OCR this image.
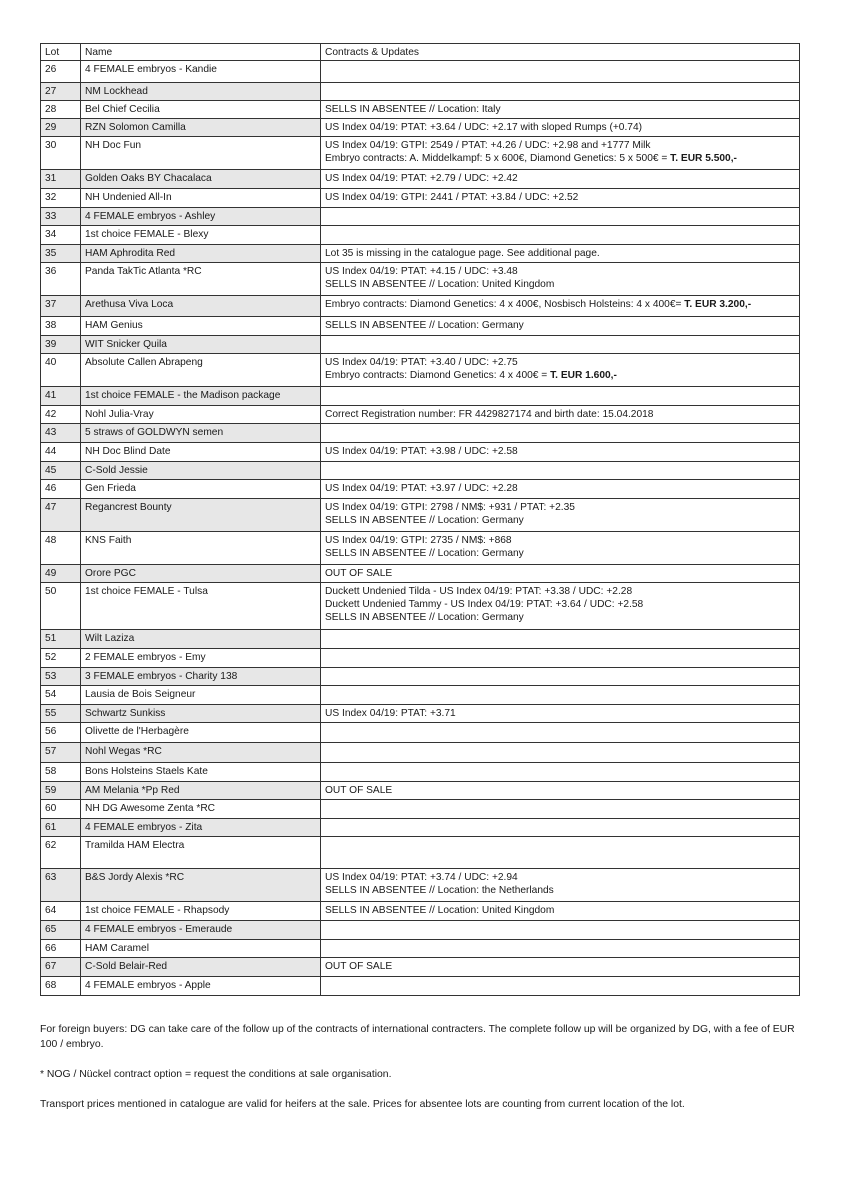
Lot	Name	Contracts & Updates
26	4 FEMALE embryos - Kandie	
27	NM Lockhead	
28	Bel Chief Cecilia	SELLS IN ABSENTEE // Location: Italy

29	RZN Solomon Camilla	US Index 04/19: PTAT: +3.64 / UDC: +2.17 with sloped Rumps (+0.74)

30	NH Doc Fun	US Index 04/19: GTPI: 2549 / PTAT: +4.26 / UDC: +2.98 and +1777 Milk
Embryo contracts: A. Middelkampf: 5 x 600€, Diamond Genetics: 5 x 500€ = T. EUR 5.500,-

31	Golden Oaks BY Chacalaca	US Index 04/19: PTAT: +2.79 / UDC: +2.42

32	NH Undenied All-In	US Index 04/19: GTPI: 2441 / PTAT: +3.84 / UDC: +2.52

33	4 FEMALE embryos - Ashley	
34	1st choice FEMALE - Blexy	
35	HAM Aphrodita Red	Lot 35 is missing in the catalogue page. See additional page.

36	Panda TakTic Atlanta *RC	US Index 04/19: PTAT: +4.15 / UDC: +3.48
SELLS IN ABSENTEE // Location: United Kingdom

37	Arethusa Viva Loca	Embryo contracts: Diamond Genetics: 4 x 400€, Nosbisch Holsteins: 4 x 400€= T. EUR 3.200,-

38	HAM Genius	SELLS IN ABSENTEE // Location: Germany

39	WIT Snicker Quila	
40	Absolute Callen Abrapeng	US Index 04/19: PTAT: +3.40 / UDC: +2.75
Embryo contracts: Diamond Genetics: 4 x 400€ = T. EUR 1.600,-

41	1st choice FEMALE - the Madison package	
42	Nohl Julia-Vray	Correct Registration number: FR 4429827174 and birth date: 15.04.2018

43	5 straws of GOLDWYN semen	
44	NH Doc Blind Date	US Index 04/19: PTAT: +3.98 / UDC: +2.58

45	C-Sold Jessie	
46	Gen Frieda	US Index 04/19: PTAT: +3.97 / UDC: +2.28

47	Regancrest Bounty	US Index 04/19: GTPI: 2798 / NM$: +931 / PTAT: +2.35
SELLS IN ABSENTEE // Location: Germany

48	KNS Faith	US Index 04/19: GTPI: 2735 / NM$: +868
SELLS IN ABSENTEE // Location: Germany

49	Orore PGC	OUT OF SALE

50	1st choice FEMALE - Tulsa	Duckett Undenied Tilda - US Index 04/19: PTAT: +3.38 / UDC: +2.28
Duckett Undenied Tammy - US Index 04/19: PTAT: +3.64 / UDC: +2.58
SELLS IN ABSENTEE // Location: Germany

51	Wilt Laziza	
52	2 FEMALE embryos - Emy	
53	3 FEMALE embryos - Charity 138	
54	Lausia de Bois Seigneur	
55	Schwartz Sunkiss	US Index 04/19: PTAT: +3.71

56	Olivette de l'Herbagère	
57	Nohl Wegas *RC	
58	Bons Holsteins Staels Kate	
59	AM Melania *Pp Red	OUT OF SALE

60	NH DG Awesome Zenta *RC	
61	4 FEMALE embryos - Zita	
62	Tramilda HAM Electra	
63	B&S Jordy Alexis *RC	US Index 04/19: PTAT: +3.74 / UDC: +2.94
SELLS IN ABSENTEE // Location: the Netherlands

64	1st choice FEMALE - Rhapsody	SELLS IN ABSENTEE // Location: United Kingdom

65	4 FEMALE embryos - Emeraude	
66	HAM Caramel	
67	C-Sold Belair-Red	OUT OF SALE

68	4 FEMALE embryos - Apple	

For foreign buyers: DG can take care of the follow up of the contracts of international contracters. The complete follow up will be organized by DG, with a fee of EUR 100 / embryo.

* NOG / Nückel contract option = request the conditions at sale organisation.

Transport prices mentioned in catalogue are valid for heifers at the sale. Prices for absentee lots are counting from current location of the lot.
